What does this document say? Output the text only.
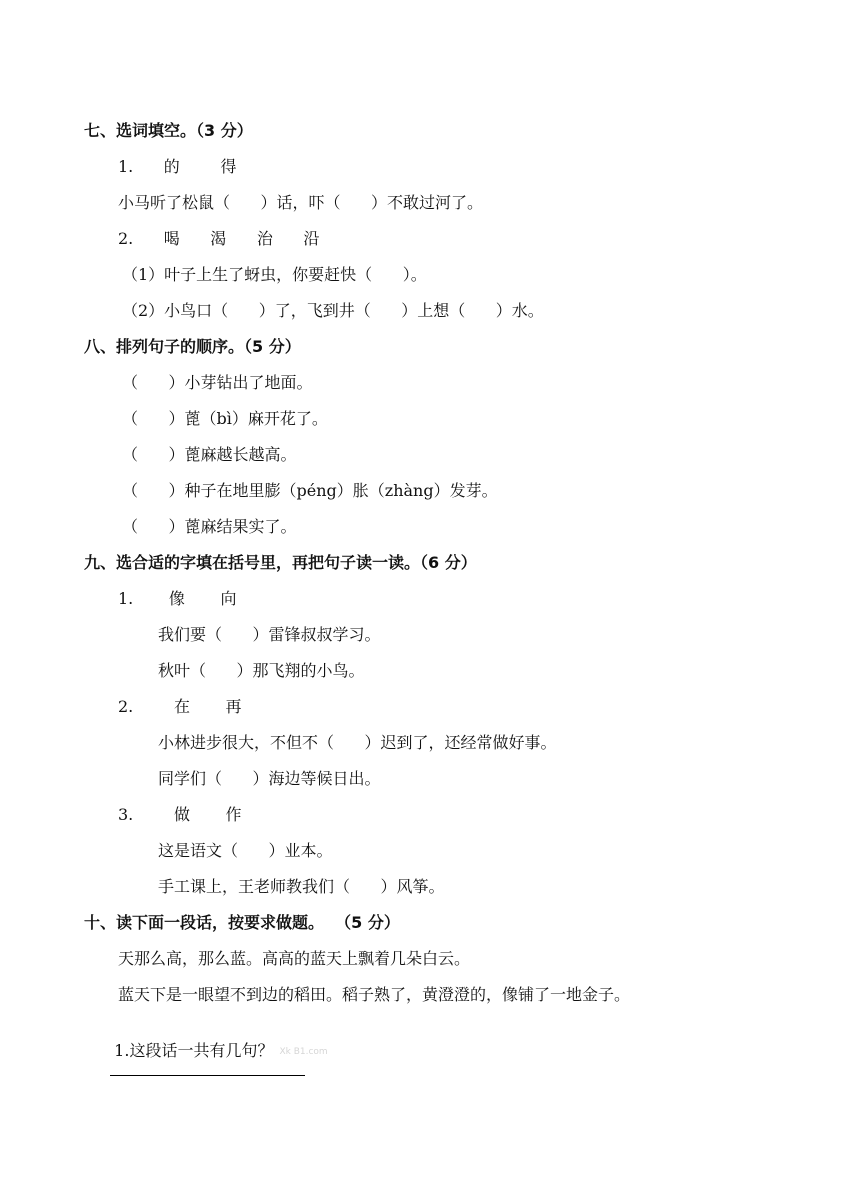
七、选词填空。（3 分）
1.      的        得
小马听了松鼠（      ）话，吓（      ）不敢过河了。
2.      喝      渴      治      沿
（1）叶子上生了蚜虫，你要赶快（      ）。
（2）小鸟口（      ）了，飞到井（      ）上想（      ）水。
八、排列句子的顺序。（5 分）
（      ）小芽钻出了地面。
（      ）蓖（bì）麻开花了。
（      ）蓖麻越长越高。
（      ）种子在地里膨（péng）胀（zhàng）发芽。
（      ）蓖麻结果实了。
九、选合适的字填在括号里，再把句子读一读。（6 分）
1.       像       向
我们要（      ）雷锋叔叔学习。
秋叶（      ）那飞翔的小鸟。
2.        在       再
小林进步很大，不但不（      ）迟到了，还经常做好事。
同学们（      ）海边等候日出。
3.        做       作
这是语文（      ）业本。
手工课上，王老师教我们（      ）风筝。
十、读下面一段话，按要求做题。  （5 分）
天那么高，那么蓝。高高的蓝天上飘着几朵白云。
蓝天下是一眼望不到边的稻田。稻子熟了，黄澄澄的，像铺了一地金子。

1.这段话一共有几句？ Xk B1.com
